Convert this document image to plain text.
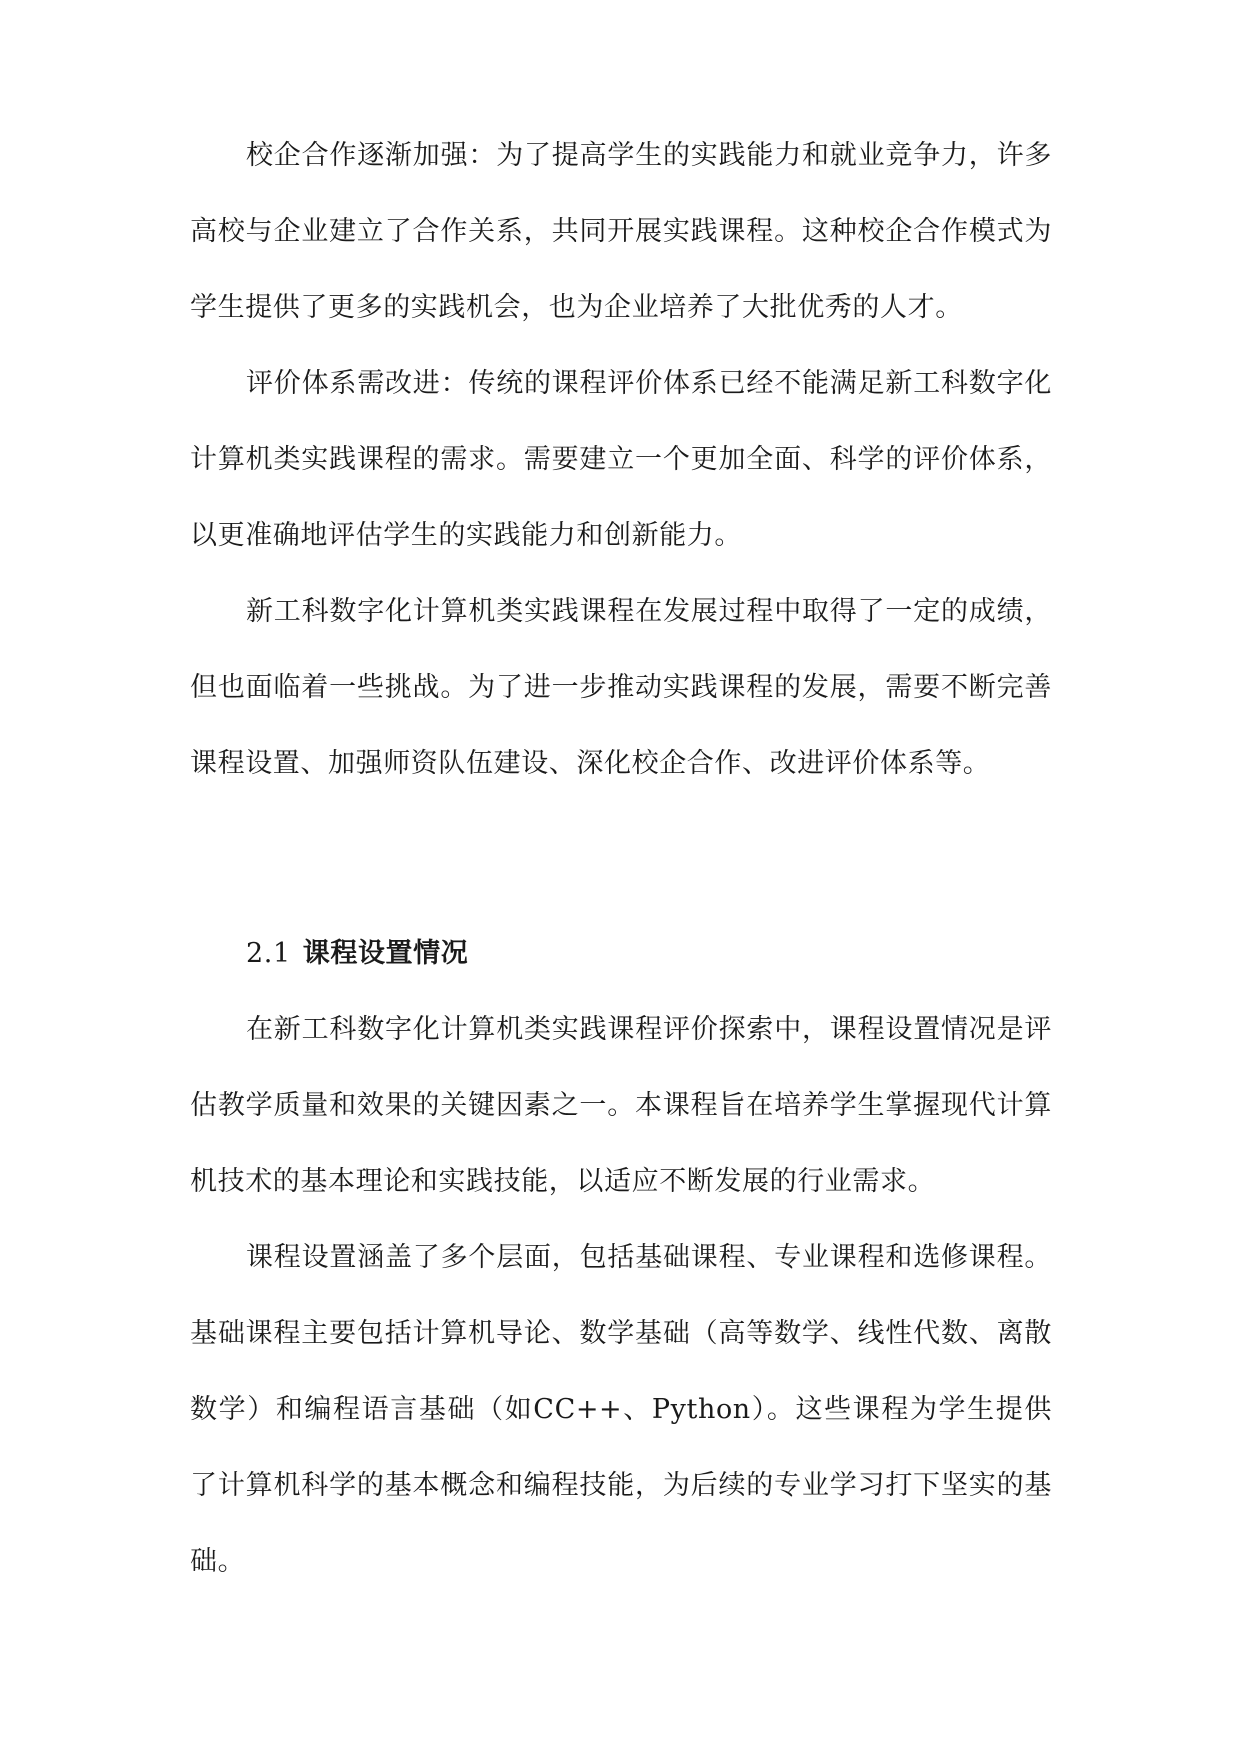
校企合作逐渐加强：为了提高学生的实践能力和就业竞争力，许多高校与企业建立了合作关系，共同开展实践课程。这种校企合作模式为学生提供了更多的实践机会，也为企业培养了大批优秀的人才。

评价体系需改进：传统的课程评价体系已经不能满足新工科数字化计算机类实践课程的需求。需要建立一个更加全面、科学的评价体系，以更准确地评估学生的实践能力和创新能力。

新工科数字化计算机类实践课程在发展过程中取得了一定的成绩，但也面临着一些挑战。为了进一步推动实践课程的发展，需要不断完善课程设置、加强师资队伍建设、深化校企合作、改进评价体系等。

2.1 课程设置情况

在新工科数字化计算机类实践课程评价探索中，课程设置情况是评估教学质量和效果的关键因素之一。本课程旨在培养学生掌握现代计算机技术的基本理论和实践技能，以适应不断发展的行业需求。

课程设置涵盖了多个层面，包括基础课程、专业课程和选修课程。基础课程主要包括计算机导论、数学基础（高等数学、线性代数、离散数学）和编程语言基础（如CC++、Python）。这些课程为学生提供了计算机科学的基本概念和编程技能，为后续的专业学习打下坚实的基础。
